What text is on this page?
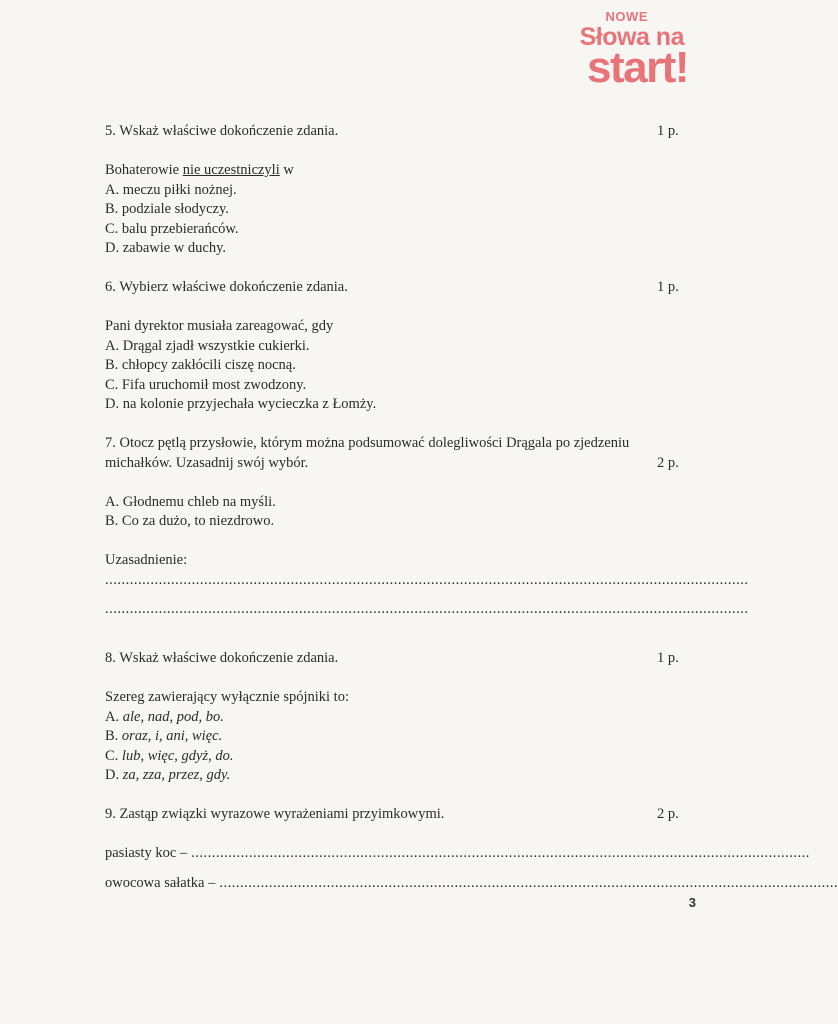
NOWE
Słowa na
start!
5. Wskaż właściwe dokończenie zdania.	1 p.
Bohaterowie nie uczestniczyli w
A. meczu piłki nożnej.
B. podziale słodyczy.
C. balu przebierańców.
D. zabawie w duchy.
6. Wybierz właściwe dokończenie zdania.	1 p.
Pani dyrektor musiała zareagować, gdy
A. Drągal zjadł wszystkie cukierki.
B. chłopcy zakłócili ciszę nocną.
C. Fifa uruchomił most zwodzony.
D. na kolonie przyjechała wycieczka z Łomży.
7. Otocz pętlą przysłowie, którym można podsumować dolegliwości Drągala po zjedzeniu
michałków. Uzasadnij swój wybór.	2 p.
A. Głodnemu chleb na myśli.
B. Co za dużo, to niezdrowo.
Uzasadnienie:
............................................................................................................................................................
............................................................................................................................................................
8. Wskaż właściwe dokończenie zdania.	1 p.
Szereg zawierający wyłącznie spójniki to:
A. ale, nad, pod, bo.
B. oraz, i, ani, więc.
C. lub, więc, gdyż, do.
D. za, zza, przez, gdy.
9. Zastąp związki wyrazowe wyrażeniami przyimkowymi.	2 p.
pasiasty koc – ......................................................................................................................................................
owocowa sałatka – ......................................................................................................................................................
3
